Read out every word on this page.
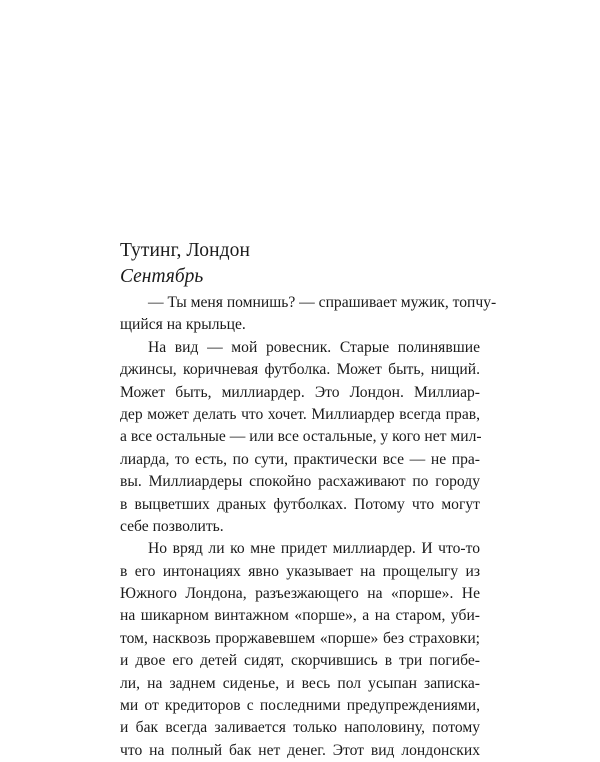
Тутинг, Лондон
Сентябрь
— Ты меня помнишь? — спрашивает мужик, топчу-
щийся на крыльце.
На вид — мой ровесник. Старые полинявшие
джинсы, коричневая футболка. Может быть, нищий.
Может быть, миллиардер. Это Лондон. Миллиар-
дер может делать что хочет. Миллиардер всегда прав,
а все остальные — или все остальные, у кого нет мил-
лиарда, то есть, по сути, практически все — не пра-
вы. Миллиардеры спокойно расхаживают по городу
в выцветших драных футболках. Потому что могут
себе позволить.
Но вряд ли ко мне придет миллиардер. И что-то
в его интонациях явно указывает на прощелыгу из
Южного Лондона, разъезжающего на «порше». Не
на шикарном винтажном «порше», а на старом, уби-
том, насквозь проржавевшем «порше» без страховки;
и двое его детей сидят, скорчившись в три погибе-
ли, на заднем сиденье, и весь пол усыпан записка-
ми от кредиторов с последними предупреждениями,
и бак всегда заливается только наполовину, потому
что на полный бак нет денег. Этот вид лондонских
